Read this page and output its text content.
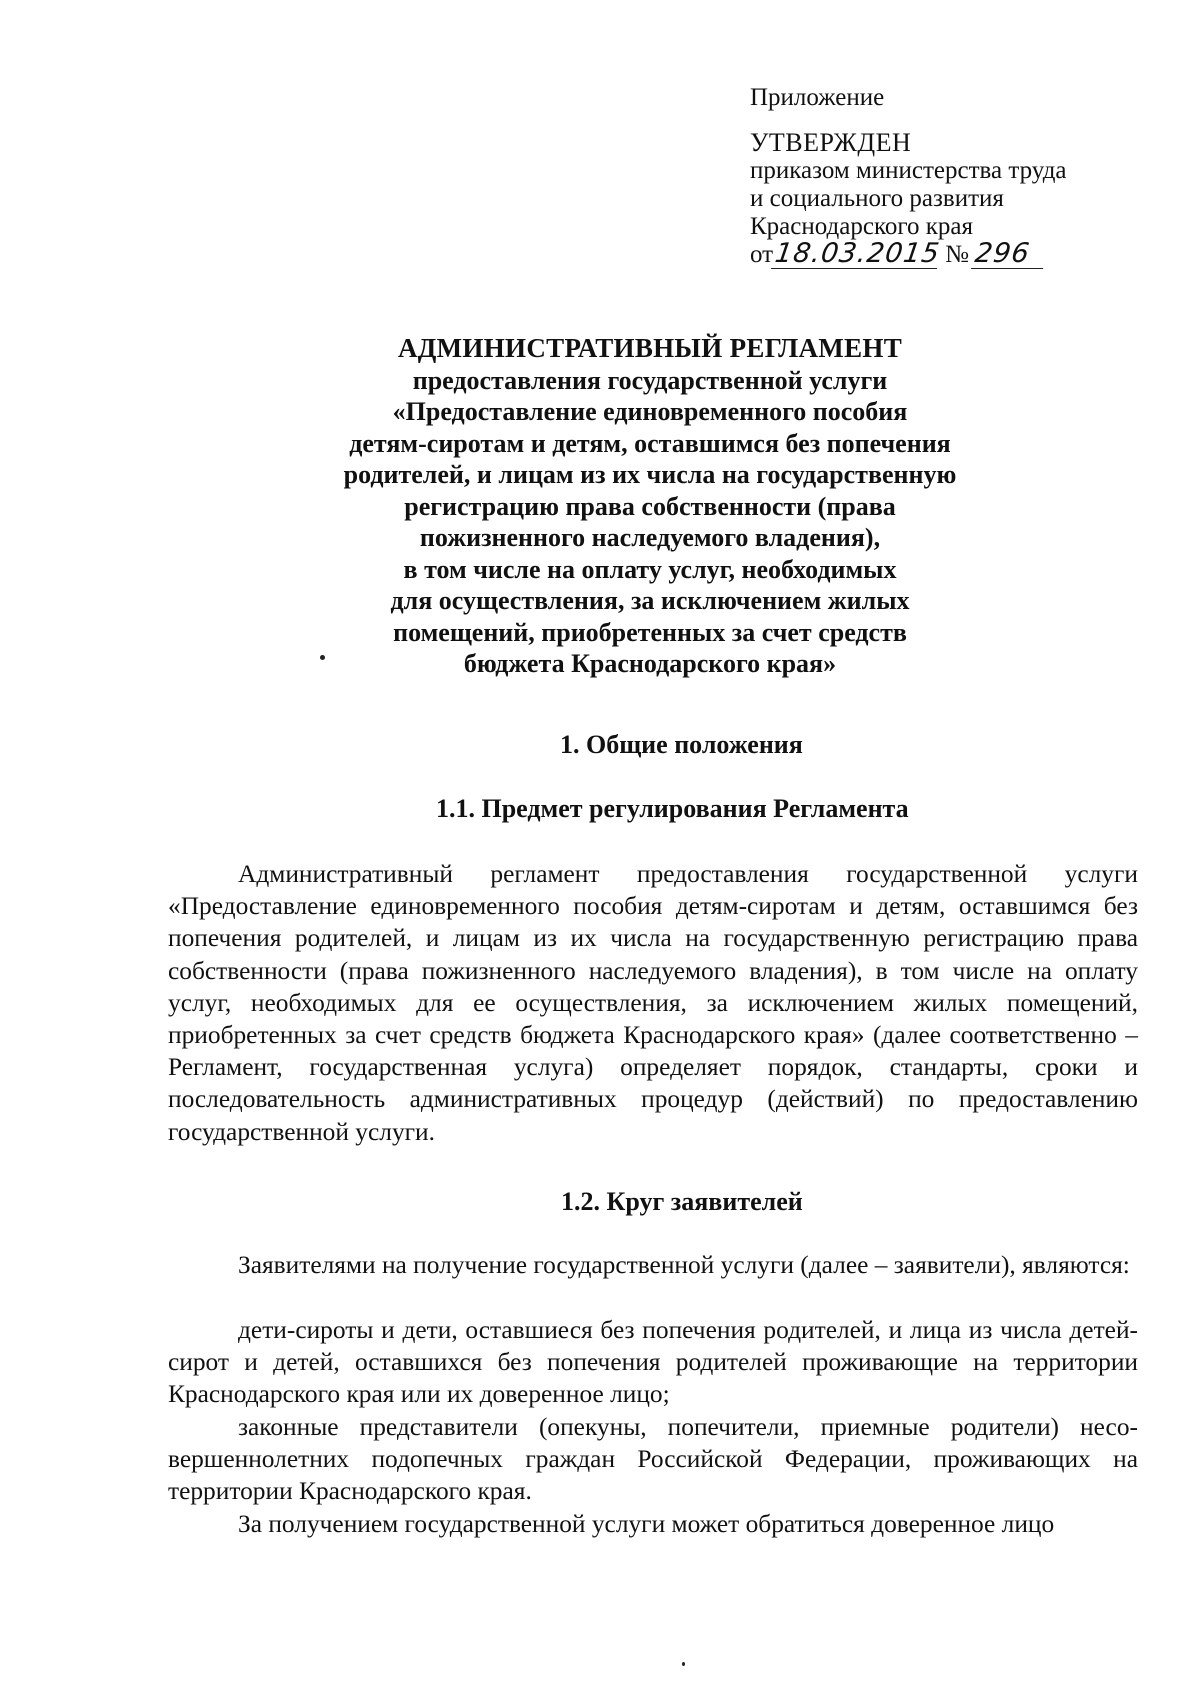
Приложение
УТВЕРЖДЕН
приказом министерства труда
и социального развития
Краснодарского края
от 18.03.2015 № 296
АДМИНИСТРАТИВНЫЙ РЕГЛАМЕНТ
предоставления государственной услуги
«Предоставление единовременного пособия
детям-сиротам и детям, оставшимся без попечения
родителей, и лицам из их числа на государственную
регистрацию права собственности (права
пожизненного наследуемого владения),
в том числе на оплату услуг, необходимых
для осуществления, за исключением жилых
помещений, приобретенных за счет средств
бюджета Краснодарского края»
1. Общие положения
1.1. Предмет регулирования Регламента
Административный регламент предоставления государственной услуги «Предоставление единовременного пособия детям-сиротам и детям, оставшимся без попечения родителей, и лицам из их числа на государственную регистрацию права собственности (права пожизненного наследуемого владения), в том числе на оплату услуг, необходимых для ее осуществления, за исключением жилых помещений, приобретенных за счет средств бюджета Краснодарского края» (далее соответственно – Регламент, государственная услуга) определяет порядок, стандарты, сроки и последовательность административных процедур (действий) по предоставлению государственной услуги.
1.2. Круг заявителей
Заявителями на получение государственной услуги (далее – заявители), являются:
дети-сироты и дети, оставшиеся без попечения родителей, и лица из числа детей-сирот и детей, оставшихся без попечения родителей проживающие на территории Краснодарского края или их доверенное лицо;
законные представители (опекуны, попечители, приемные родители) несовершеннолетних подопечных граждан Российской Федерации, проживающих на территории Краснодарского края.
За получением государственной услуги может обратиться доверенное лицо
